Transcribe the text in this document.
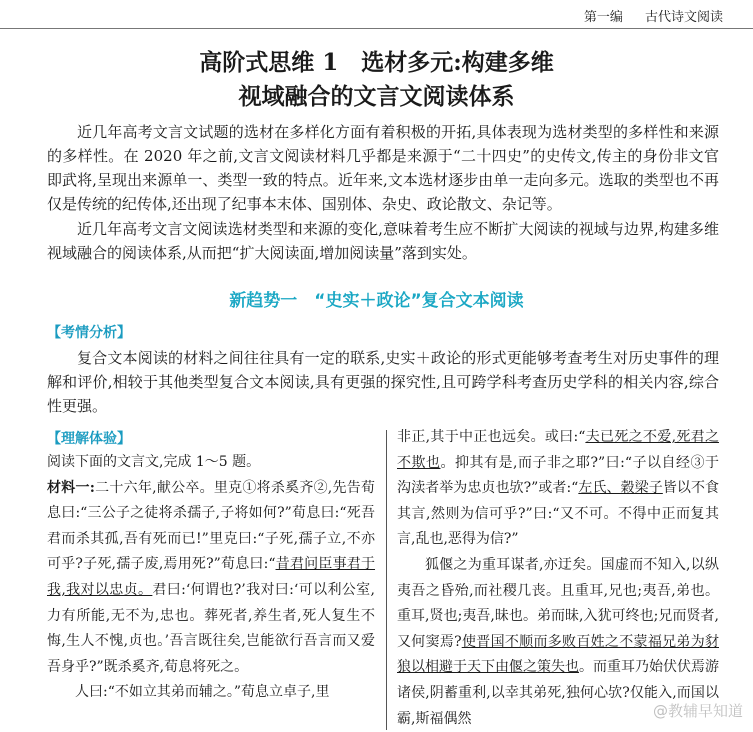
第一编 古代诗文阅读
高阶式思维 1　选材多元:构建多维
视域融合的文言文阅读体系

近几年高考文言文试题的选材在多样化方面有着积极的开拓,具体表现为选材类型的多样性和来源的多样性。在 2020 年之前,文言文阅读材料几乎都是来源于“二十四史”的史传文,传主的身份非文官即武将,呈现出来源单一、类型一致的特点。近年来,文本选材逐步由单一走向多元。选取的类型也不再仅是传统的纪传体,还出现了纪事本末体、国别体、杂史、政论散文、杂记等。

近几年高考文言文阅读选材类型和来源的变化,意味着考生应不断扩大阅读的视域与边界,构建多维视域融合的阅读体系,从而把“扩大阅读面,增加阅读量”落到实处。

新趋势一　“史实＋政论”复合文本阅读
【考情分析】

复合文本阅读的材料之间往往具有一定的联系,史实＋政论的形式更能够考查考生对历史事件的理解和评价,相较于其他类型复合文本阅读,具有更强的探究性,且可跨学科考查历史学科的相关内容,综合性更强。

【理解体验】

阅读下面的文言文,完成 1～5 题。

材料一:二十六年,献公卒。里克①将杀奚齐②,先告荀息曰:“三公子之徒将杀孺子,子将如何?”荀息曰:“死吾君而杀其孤,吾有死而已!”里克曰:“子死,孺子立,不亦可乎?子死,孺子废,焉用死?”荀息曰:“昔君问臣事君于我,我对以忠贞。君曰:‘何谓也?’我对曰:‘可以利公室,力有所能,无不为,忠也。葬死者,养生者,死人复生不悔,生人不愧,贞也。’吾言既往矣,岂能欲行吾言而又爱吾身乎?”既杀奚齐,荀息将死之。

人曰:“不如立其弟而辅之。”荀息立卓子,里

非正,其于中正也远矣。或曰:“夫已死之不爱,死君之不欺也。抑其有是,而子非之耶?”曰:“子以自经③于沟渎者举为忠贞也欤?”或者:“左氏、穀梁子皆以不食其言,然则为信可乎?”曰:“又不可。不得中正而复其言,乱也,恶得为信?”

狐偃之为重耳谋者,亦迂矣。国虚而不知入,以纵夷吾之昏殆,而社稷几丧。且重耳,兄也;夷吾,弟也。重耳,贤也;夷吾,昧也。弟而昧,入犹可终也;兄而贤者,又何窦焉?使晋国不顺而多败百姓之不蒙福兄弟为豺狼以相避于天下由偃之策失也。而重耳乃始伏伏焉游诸侯,阴蓄重利,以幸其弟死,独何心欤?仅能入,而国以霸,斯福偶然	@教辅早知道
